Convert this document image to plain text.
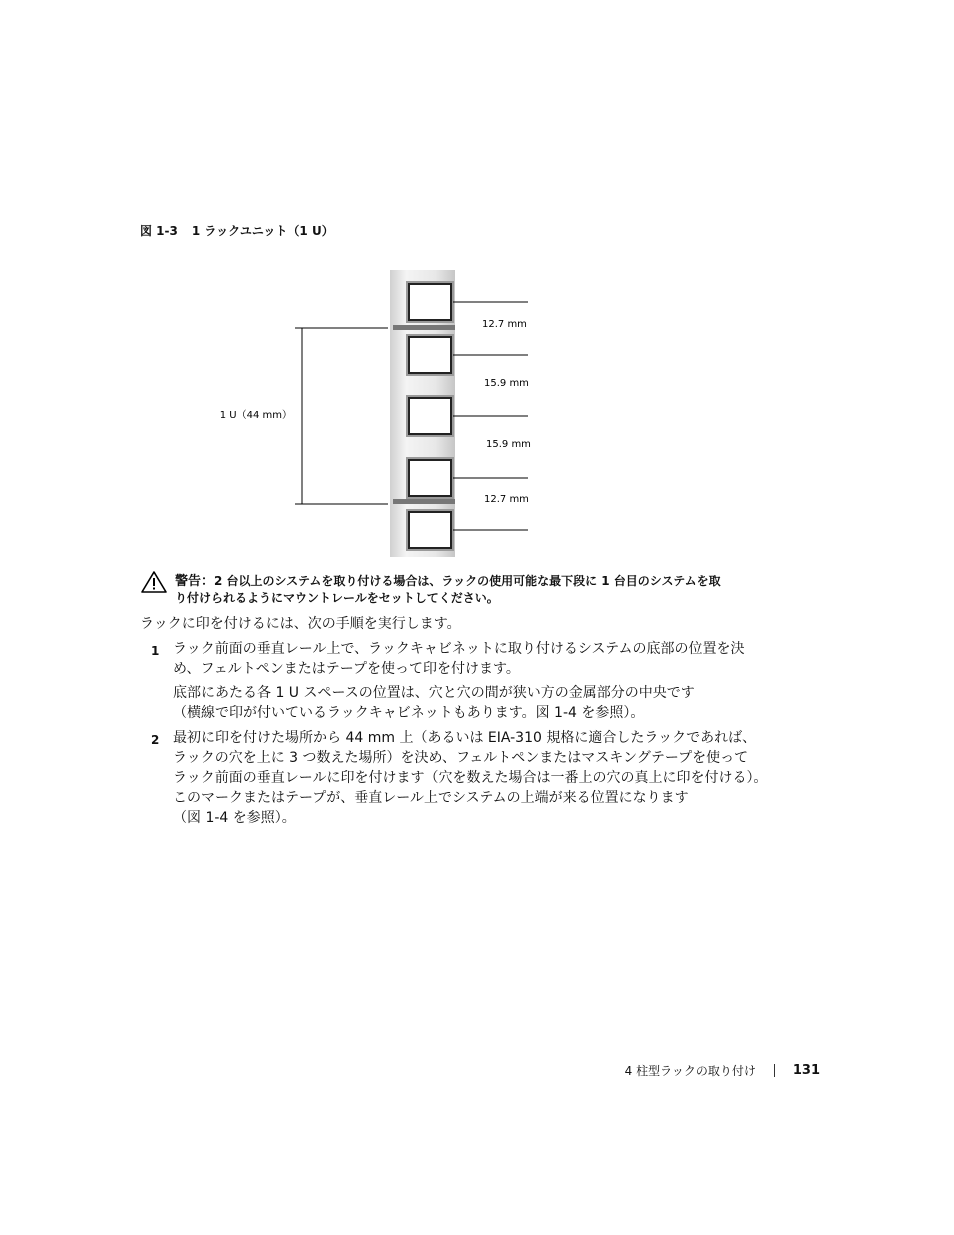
図 1-3 1 ラックユニット（1 U）
1 U（44 mm）
12.7 mm
15.9 mm
15.9 mm
12.7 mm
警告：2 台以上のシステムを取り付ける場合は、ラックの使用可能な最下段に 1 台目のシステムを取
り付けられるようにマウントレールをセットしてください。
ラックに印を付けるには、次の手順を実行します。
1 ラック前面の垂直レール上で、ラックキャビネットに取り付けるシステムの底部の位置を決
め、フェルトペンまたはテープを使って印を付けます。
底部にあたる各 1 U スペースの位置は、穴と穴の間が狭い方の金属部分の中央です
（横線で印が付いているラックキャビネットもあります。図 1-4 を参照）。
2 最初に印を付けた場所から 44 mm 上（あるいは EIA-310 規格に適合したラックであれば、
ラックの穴を上に 3 つ数えた場所）を決め、フェルトペンまたはマスキングテープを使って
ラック前面の垂直レールに印を付けます（穴を数えた場合は一番上の穴の真上に印を付ける）。
このマークまたはテープが、垂直レール上でシステムの上端が来る位置になります
（図 1-4 を参照）。
4 柱型ラックの取り付け	131
